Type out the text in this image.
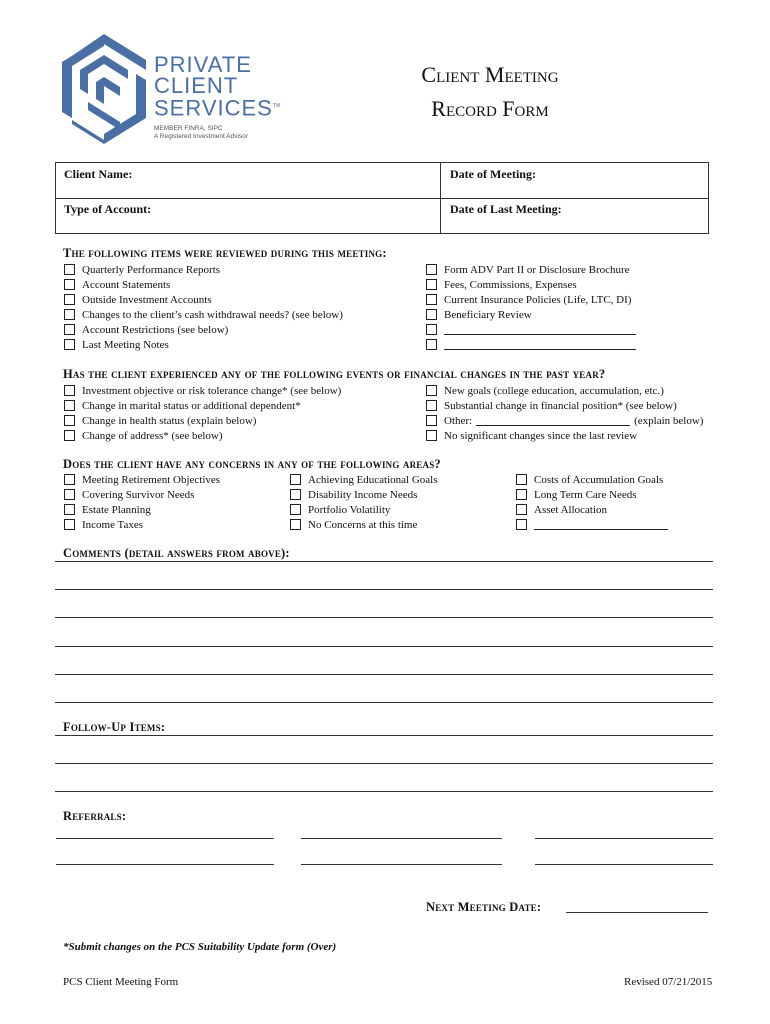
PRIVATE
CLIENT
SERVICES™
MEMBER FINRA, SIPC
A Registered Investment Advisor
Client Meeting
Record Form
Client Name:	Date of Meeting:
Type of Account:	Date of Last Meeting:
The following items were reviewed during this meeting:
Quarterly Performance Reports
Account Statements
Outside Investment Accounts
Changes to the client’s cash withdrawal needs? (see below)
Account Restrictions (see below)
Last Meeting Notes
Form ADV Part II or Disclosure Brochure
Fees, Commissions, Expenses
Current Insurance Policies (Life, LTC, DI)
Beneficiary Review
Has the client experienced any of the following events or financial changes in the past year?
Investment objective or risk tolerance change* (see below)
Change in marital status or additional dependent*
Change in health status (explain below)
Change of address* (see below)
New goals (college education, accumulation, etc.)
Substantial change in financial position* (see below)
Other:	(explain below)
No significant changes since the last review
Does the client have any concerns in any of the following areas?
Meeting Retirement Objectives
Covering Survivor Needs
Estate Planning
Income Taxes
Achieving Educational Goals
Disability Income Needs
Portfolio Volatility
No Concerns at this time
Costs of Accumulation Goals
Long Term Care Needs
Asset Allocation
Comments (detail answers from above):
Follow-Up Items:
Referrals:
Next Meeting Date:
*Submit changes on the PCS Suitability Update form (Over)
PCS Client Meeting Form	Revised 07/21/2015
